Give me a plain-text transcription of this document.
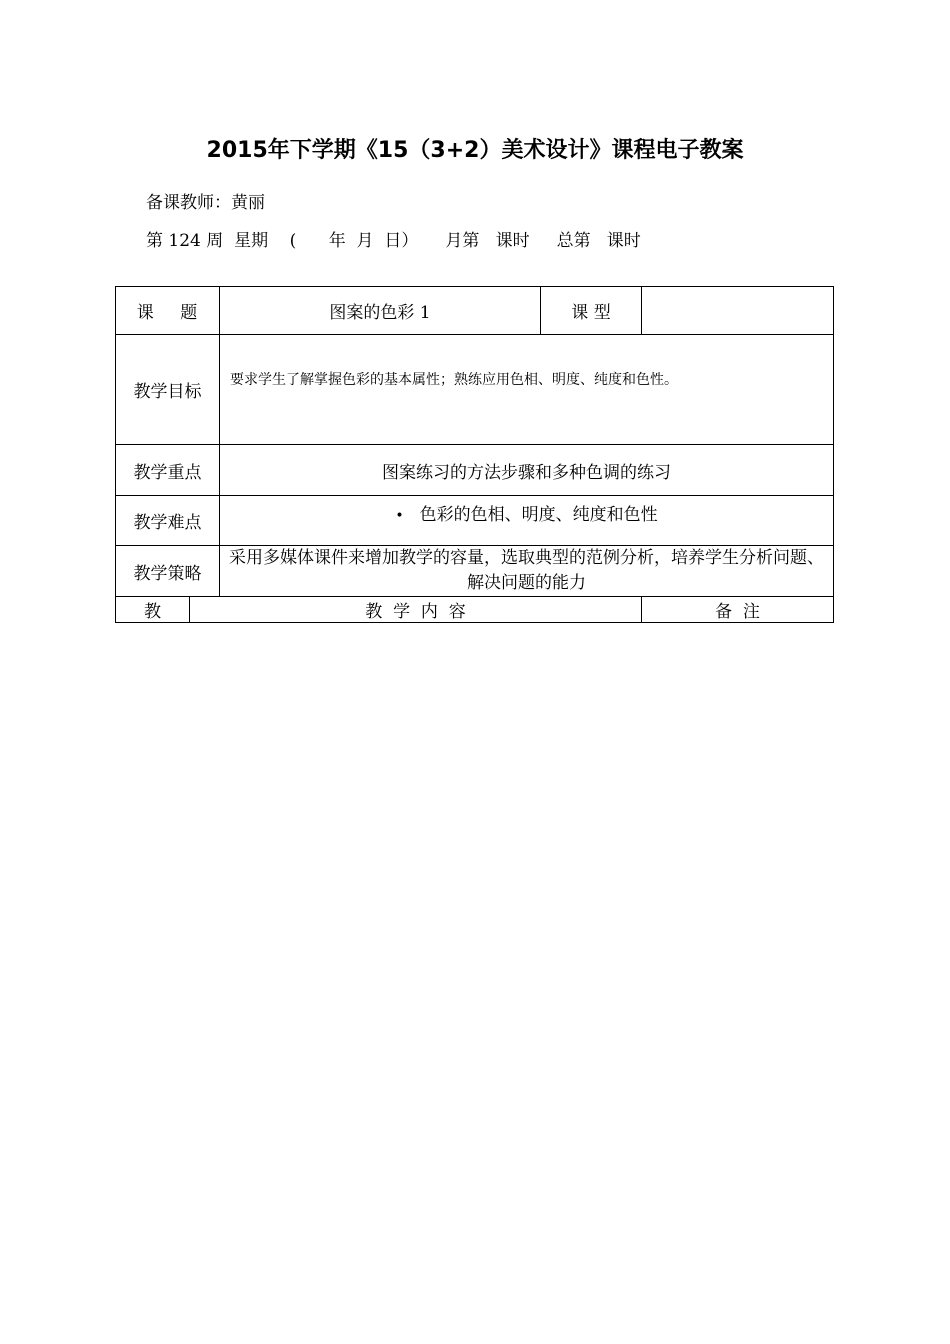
2015年下学期《15（3+2）美术设计》课程电子教案
备课教师：黄丽
第 124 周  星期    (      年  月  日）     月第   课时     总第   课时
课    题		图案的色彩 1	课 型	
教学目标		要求学生了解掌握色彩的基本属性；熟练应用色相、明度、纯度和色性。		
教学重点		图案练习的方法步骤和多种色调的练习		
教学难点		• 色彩的色相、明度、纯度和色性		
教学策略		采用多媒体课件来增加教学的容量，选取典型的范例分析，培养学生分析问题、解决问题的能力		
教	教  学  内  容			备  注
